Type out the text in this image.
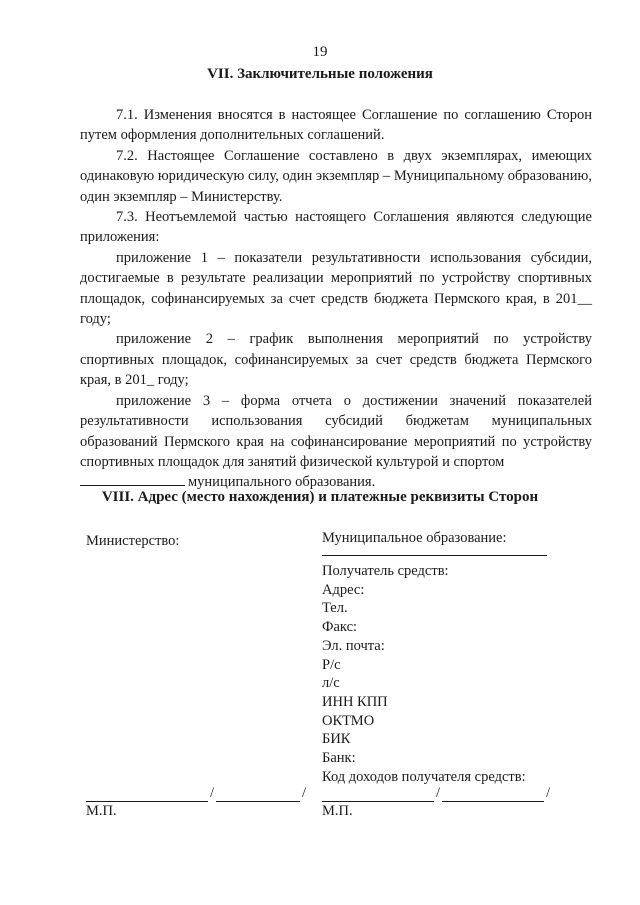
19
VII. Заключительные положения

7.1. Изменения вносятся в настоящее Соглашение по соглашению Сторон путем оформления дополнительных соглашений.

7.2. Настоящее Соглашение составлено в двух экземплярах, имеющих одинаковую юридическую силу, один экземпляр – Муниципальному образованию, один экземпляр – Министерству.

7.3. Неотъемлемой частью настоящего Соглашения являются следующие приложения:

приложение 1 – показатели результативности использования субсидии, достигаемые в результате реализации мероприятий по устройству спортивных площадок, софинансируемых за счет средств бюджета Пермского края, в 201__ году;

приложение 2 – график выполнения мероприятий по устройству спортивных площадок, софинансируемых за счет средств бюджета Пермского края, в 201_ году;

приложение 3 – форма отчета о достижении значений показателей результативности использования субсидий бюджетам муниципальных образований Пермского края на софинансирование мероприятий по устройству спортивных площадок для занятий физической культурой и спортом

муниципального образования.

VIII. Адрес (место нахождения) и платежные реквизиты Сторон
Министерство:	Муниципальное образование:
Получатель средств:
Адрес:
Тел.
Факс:
Эл. почта:
Р/с
л/с
ИНН КПП
ОКТМО
БИК
Банк:
Код доходов получателя средств:
/	/	/	/
М.П.	М.П.
